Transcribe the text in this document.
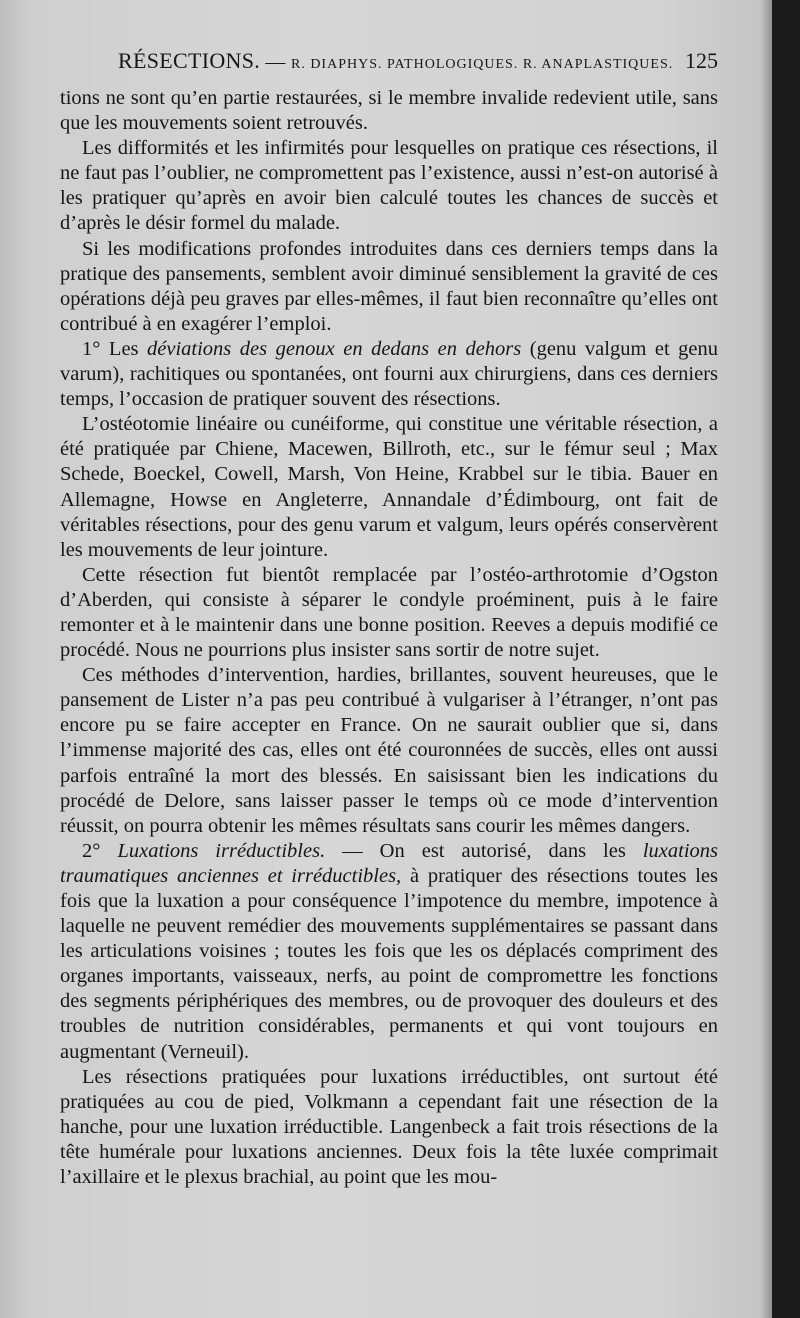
RÉSECTIONS. — R. DIAPHYS. PATHOLOGIQUES. R. ANAPLASTIQUES. 125

tions ne sont qu’en partie restaurées, si le membre invalide redevient utile, sans que les mouvements soient retrouvés.

Les difformités et les infirmités pour lesquelles on pratique ces résections, il ne faut pas l’oublier, ne compromettent pas l’existence, aussi n’est-on autorisé à les pratiquer qu’après en avoir bien calculé toutes les chances de succès et d’après le désir formel du malade.

Si les modifications profondes introduites dans ces derniers temps dans la pratique des pansements, semblent avoir diminué sensiblement la gravité de ces opérations déjà peu graves par elles-mêmes, il faut bien reconnaître qu’elles ont contribué à en exagérer l’emploi.

1° Les déviations des genoux en dedans en dehors (genu valgum et genu varum), rachitiques ou spontanées, ont fourni aux chirurgiens, dans ces derniers temps, l’occasion de pratiquer souvent des résections.

L’ostéotomie linéaire ou cunéiforme, qui constitue une véritable résection, a été pratiquée par Chiene, Macewen, Billroth, etc., sur le fémur seul ; Max Schede, Boeckel, Cowell, Marsh, Von Heine, Krabbel sur le tibia. Bauer en Allemagne, Howse en Angleterre, Annandale d’Édimbourg, ont fait de véritables résections, pour des genu varum et valgum, leurs opérés conservèrent les mouvements de leur jointure.

Cette résection fut bientôt remplacée par l’ostéo-arthrotomie d’Ogston d’Aberden, qui consiste à séparer le condyle proéminent, puis à le faire remonter et à le maintenir dans une bonne position. Reeves a depuis modifié ce procédé. Nous ne pourrions plus insister sans sortir de notre sujet.

Ces méthodes d’intervention, hardies, brillantes, souvent heureuses, que le pansement de Lister n’a pas peu contribué à vulgariser à l’étranger, n’ont pas encore pu se faire accepter en France. On ne saurait oublier que si, dans l’immense majorité des cas, elles ont été couronnées de succès, elles ont aussi parfois entraîné la mort des blessés. En saisissant bien les indications du procédé de Delore, sans laisser passer le temps où ce mode d’intervention réussit, on pourra obtenir les mêmes résultats sans courir les mêmes dangers.

2° Luxations irréductibles. — On est autorisé, dans les luxations traumatiques anciennes et irréductibles, à pratiquer des résections toutes les fois que la luxation a pour conséquence l’impotence du membre, impotence à laquelle ne peuvent remédier des mouvements supplémentaires se passant dans les articulations voisines ; toutes les fois que les os déplacés compriment des organes importants, vaisseaux, nerfs, au point de compromettre les fonctions des segments périphériques des membres, ou de provoquer des douleurs et des troubles de nutrition considérables, permanents et qui vont toujours en augmentant (Verneuil).

Les résections pratiquées pour luxations irréductibles, ont surtout été pratiquées au cou de pied, Volkmann a cependant fait une résection de la hanche, pour une luxation irréductible. Langenbeck a fait trois résections de la tête humérale pour luxations anciennes. Deux fois la tête luxée comprimait l’axillaire et le plexus brachial, au point que les mou-
